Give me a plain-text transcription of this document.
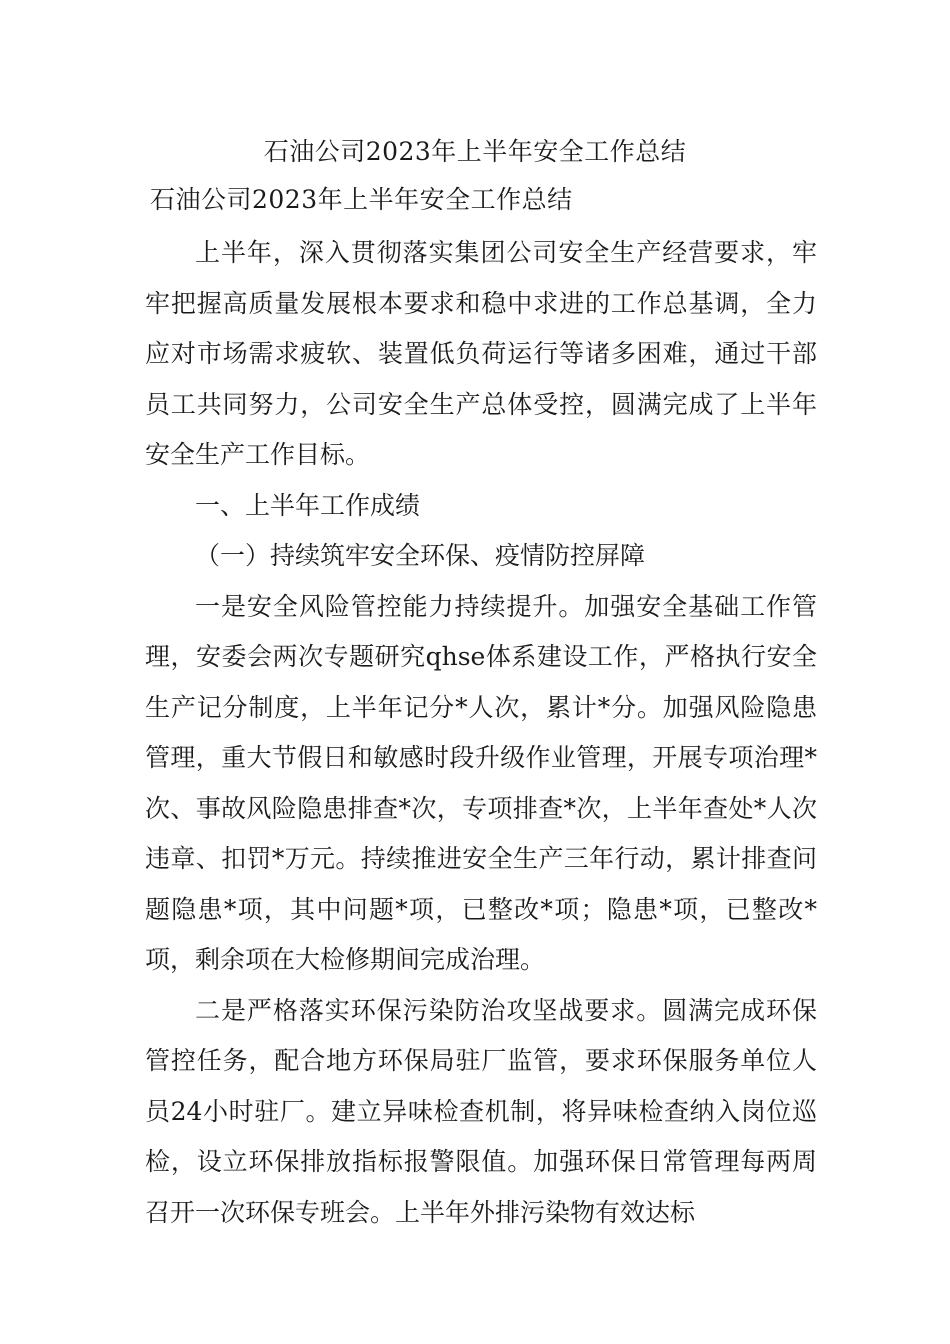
石油公司2023年上半年安全工作总结
石油公司2023年上半年安全工作总结

上半年，深入贯彻落实集团公司安全生产经营要求，牢牢把握高质量发展根本要求和稳中求进的工作总基调，全力应对市场需求疲软、装置低负荷运行等诸多困难，通过干部员工共同努力，公司安全生产总体受控，圆满完成了上半年安全生产工作目标。

一、上半年工作成绩

（一）持续筑牢安全环保、疫情防控屏障

一是安全风险管控能力持续提升。加强安全基础工作管理，安委会两次专题研究qhse体系建设工作，严格执行安全生产记分制度，上半年记分*人次，累计*分。加强风险隐患管理，重大节假日和敏感时段升级作业管理，开展专项治理*次、事故风险隐患排查*次，专项排查*次，上半年查处*人次违章、扣罚*万元。持续推进安全生产三年行动，累计排查问题隐患*项，其中问题*项，已整改*项；隐患*项，已整改*项，剩余项在大检修期间完成治理。

二是严格落实环保污染防治攻坚战要求。圆满完成环保管控任务，配合地方环保局驻厂监管，要求环保服务单位人员24小时驻厂。建立异味检查机制，将异味检查纳入岗位巡检，设立环保排放指标报警限值。加强环保日常管理每两周召开一次环保专班会。上半年外排污染物有效达标
